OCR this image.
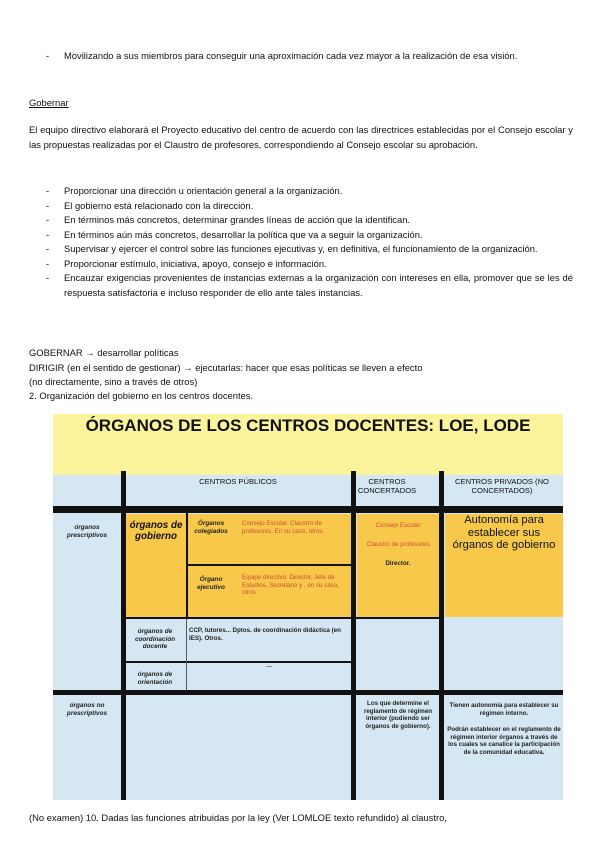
- Movilizando a sus miembros para conseguir una aproximación cada vez mayor a la realización de esa visión.
Gobernar
El equipo directivo elaborará el Proyecto educativo del centro de acuerdo con las directrices establecidas por el Consejo escolar y las propuestas realizadas por el Claustro de profesores, correspondiendo al Consejo escolar su aprobación.
- Proporcionar una dirección u orientación general a la organización.
- El gobierno está relacionado con la dirección.
- En términos más concretos, determinar grandes líneas de acción que la identifican.
- En términos aún más concretos, desarrollar la política que va a seguir la organización.
- Supervisar y ejercer el control sobre las funciones ejecutivas y, en definitiva, el funcionamiento de la organización.
- Proporcionar estímulo, iniciativa, apoyo, consejo e información.
- Encauzar exigencias provenientes de instancias externas a la organización con intereses en ella, promover que se les dé respuesta satisfactoria e incluso responder de ello ante tales instancias.
GOBERNAR → desarrollar políticas
DIRIGIR (en el sentido de gestionar) → ejecutarlas: hacer que esas políticas se lleven a efecto
(no directamente, sino a través de otros)
2. Organización del gobierno en los centros docentes.
ÓRGANOS DE LOS CENTROS DOCENTES: LOE, LODE
CENTROS PÚBLICOS	CENTROS CONCERTADOS
CENTROS PRIVADOS (NO CONCERTADOS)
órganos prescriptivos
órganos no prescriptivos
órganos de gobierno
Órganos colegiados
Consejo Escolar. Claustro de profesores. En su caso, otros.
Órgano ejecutivo
Equipo directivo: Director, Jefe de Estudios, Secretario y , en su caso, otros
órganos de coordinación docente
CCP, tutores... Dptos. de coordinación didáctica (en IES). Otros.
órganos de orientación
—
Consejo Escolar
Claustro de profesores.
Director.
Autonomía para establecer sus órganos de gobierno
Los que determine el reglamento de régimen interior (pudiendo ser órganos de gobierno).
Tienen autonomía para establecer su régimen interno.
Podrán establecer en el reglamento de régimen interior órganos a través de los cuales se canalice la participación de la comunidad educativa.
(No examen) 10. Dadas las funciones atribuidas por la ley (Ver LOMLOE texto refundido) al claustro,
